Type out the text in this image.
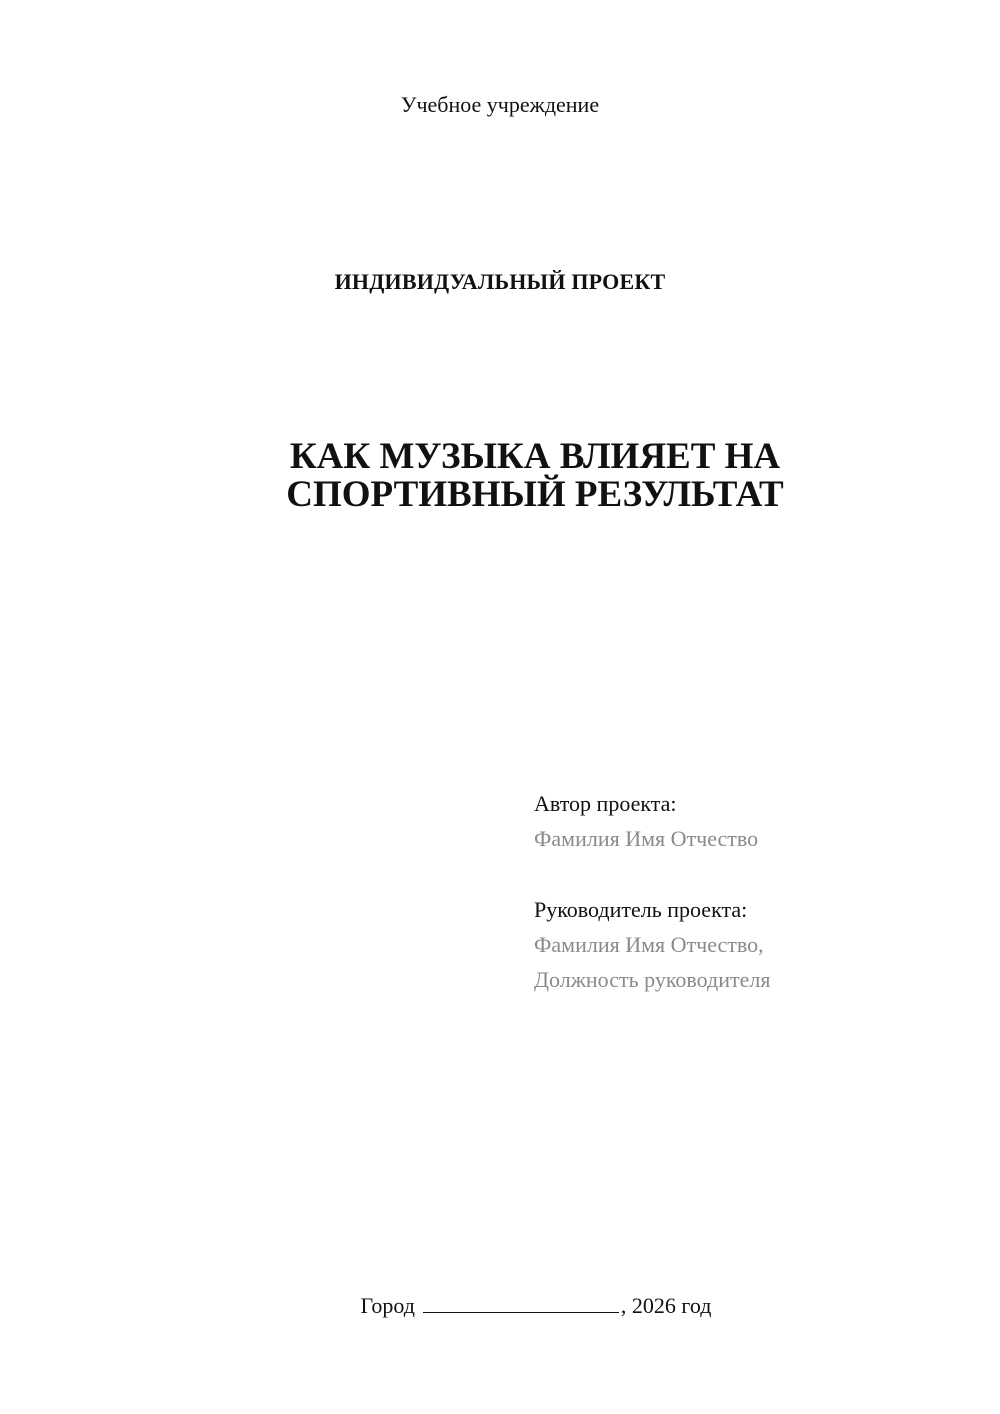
Учебное учреждение

ИНДИВИДУАЛЬНЫЙ ПРОЕКТ

КАК МУЗЫКА ВЛИЯЕТ НА
СПОРТИВНЫЙ РЕЗУЛЬТАТ
Автор проекта:
Фамилия Имя Отчество
Руководитель проекта:
Фамилия Имя Отчество,
Должность руководителя

Город	, 2026 год
